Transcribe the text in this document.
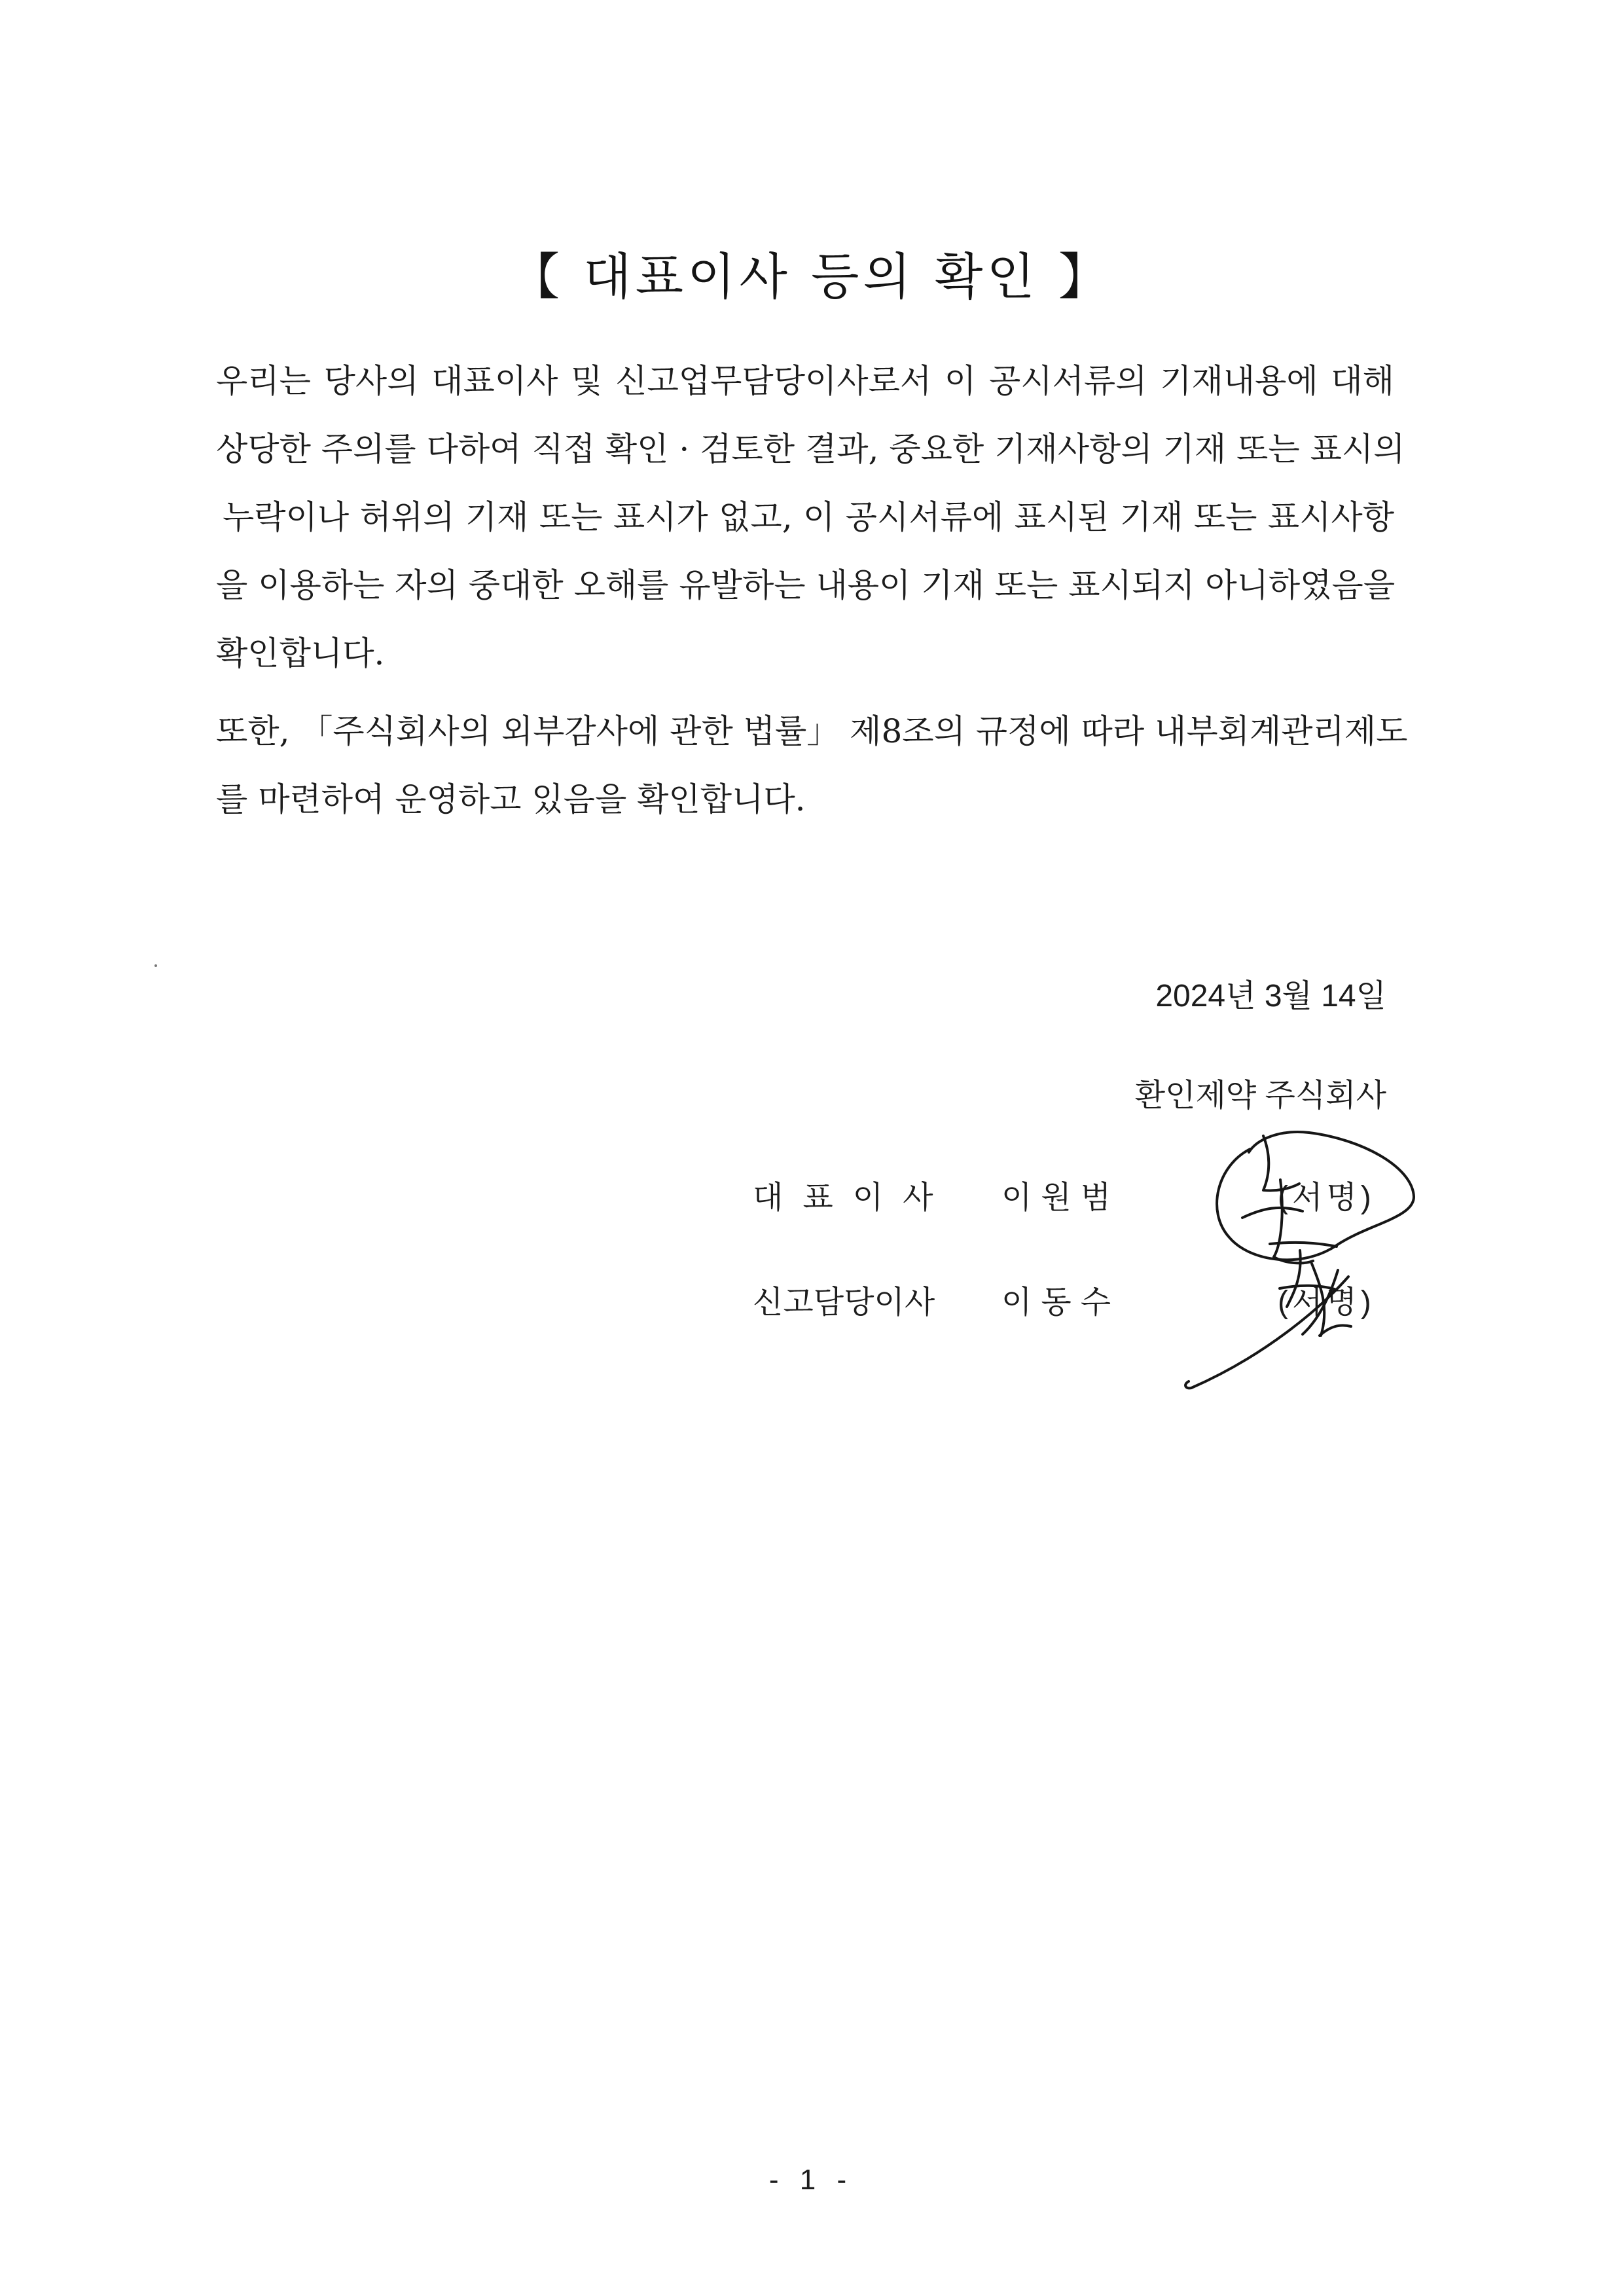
【 대표이사 등의 확인 】
우리는 당사의 대표이사 및 신고업무담당이사로서 이 공시서류의 기재내용에 대해
상당한 주의를 다하여 직접 확인 · 검토한 결과, 중요한 기재사항의 기재 또는 표시의
누락이나 허위의 기재 또는 표시가 없고, 이 공시서류에 표시된 기재 또는 표시사항
을 이용하는 자의 중대한 오해를 유발하는 내용이 기재 또는 표시되지 아니하였음을
확인합니다.
또한, 「주식회사의 외부감사에 관한 법률」 제8조의 규정에 따라 내부회계관리제도
를 마련하여 운영하고 있음을 확인합니다.
2024년 3월 14일
환인제약 주식회사
대표이사 이원범	(서명)
신고담당이사 이동수	(서명)
- 1 -
